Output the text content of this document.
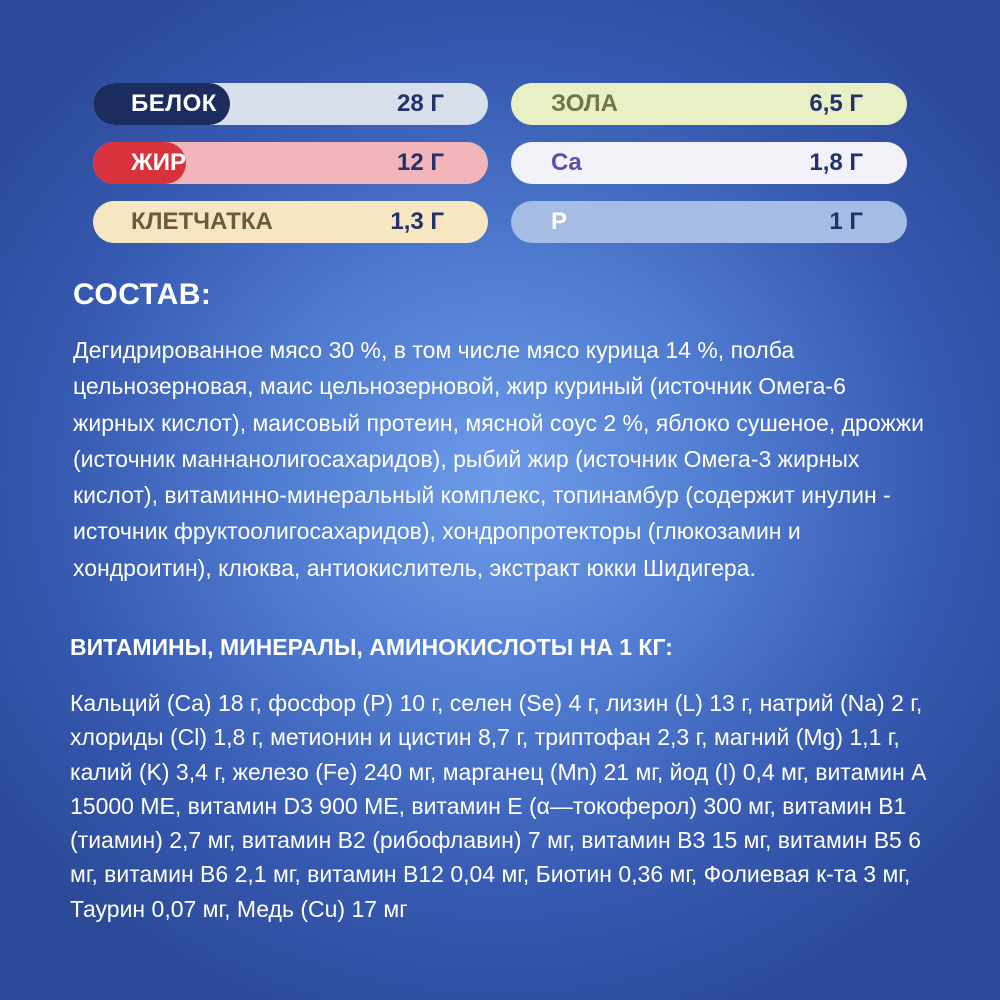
БЕЛОК	28 Г
ЖИР	12 Г
КЛЕТЧАТКА	1,3 Г
ЗОЛА	6,5 Г
Ca	1,8 Г
P	1 Г
СОСТАВ:

Дегидрированное мясо 30 %, в том числе мясо курица 14 %, полба цельнозерновая, маис цельнозерновой, жир куриный (источник Омега-6 жирных кислот), маисовый протеин, мясной соус 2 %, яблоко сушеное, дрожжи (источник маннанолигосахаридов), рыбий жир (источник Омега-3 жирных кислот), витаминно-минеральный комплекс, топинамбур (содержит инулин - источник фруктоолигосахаридов), хондропротекторы (глюкозамин и хондроитин), клюква, антиокислитель, экстракт юкки Шидигера.

ВИТАМИНЫ, МИНЕРАЛЫ, АМИНОКИСЛОТЫ НА 1 КГ:

Кальций (Ca) 18 г, фосфор (P) 10 г, селен (Se) 4 г, лизин (L) 13 г, натрий (Na) 2 г, хлориды (Cl) 1,8 г, метионин и цистин 8,7 г, триптофан 2,3 г, магний (Mg) 1,1 г, калий (K) 3,4 г, железо (Fe) 240 мг, марганец (Mn) 21 мг, йод (I) 0,4 мг, витамин А 15000 МЕ, витамин D3 900 МЕ, витамин Е (α—токоферол) 300 мг, витамин В1 (тиамин) 2,7 мг, витамин В2 (рибофлавин) 7 мг, витамин В3 15 мг, витамин В5 6 мг, витамин В6 2,1 мг, витамин В12 0,04 мг, Биотин 0,36 мг, Фолиевая к-та 3 мг, Таурин 0,07 мг, Медь (Cu) 17 мг
